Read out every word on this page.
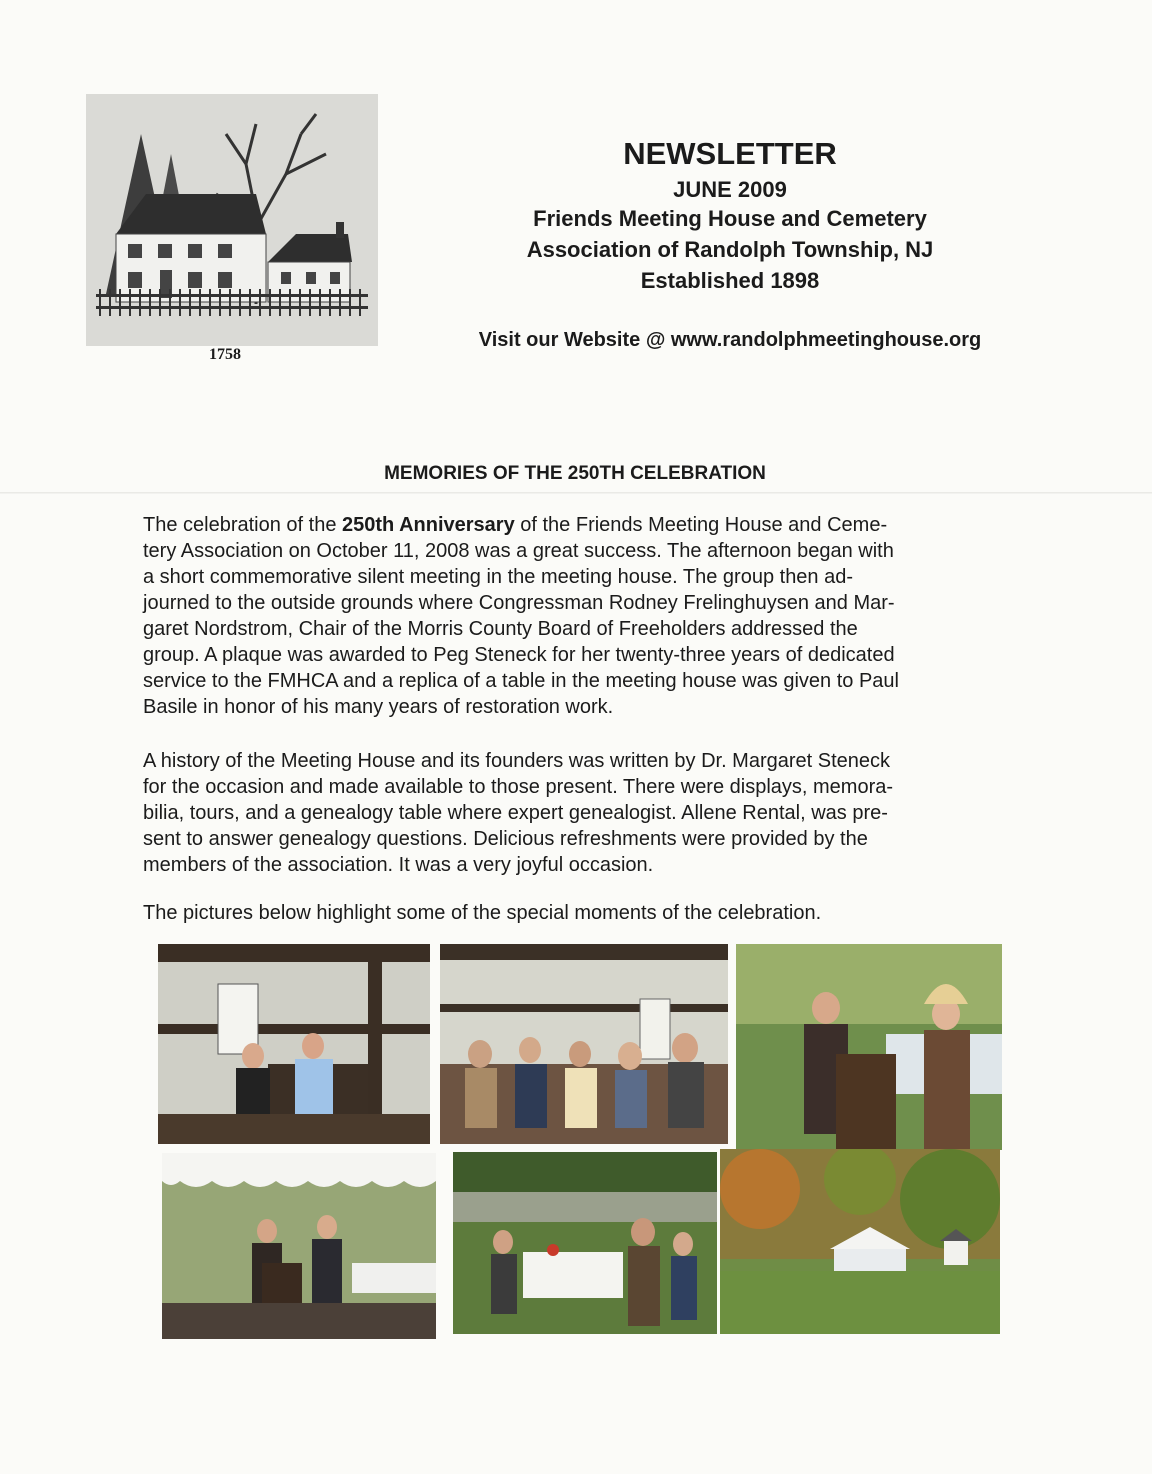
1758
NEWSLETTER
JUNE 2009
Friends Meeting House and Cemetery
Association of Randolph Township, NJ
Established 1898
Visit our Website @ www.randolphmeetinghouse.org
MEMORIES OF THE 250TH CELEBRATION

The celebration of the 250th Anniversary of the Friends Meeting House and Ceme-
tery Association on October 11, 2008 was a great success. The afternoon began with
a short commemorative silent meeting in the meeting house. The group then ad-
journed to the outside grounds where Congressman Rodney Frelinghuysen and Mar-
garet Nordstrom, Chair of the Morris County Board of Freeholders addressed the
group. A plaque was awarded to Peg Steneck for her twenty-three years of dedicated
service to the FMHCA and a replica of a table in the meeting house was given to Paul
Basile in honor of his many years of restoration work.

A history of the Meeting House and its founders was written by Dr. Margaret Steneck
for the occasion and made available to those present. There were displays, memora-
bilia, tours, and a genealogy table where expert genealogist. Allene Rental, was pre-
sent to answer genealogy questions. Delicious refreshments were provided by the
members of the association. It was a very joyful occasion.

The pictures below highlight some of the special moments of the celebration.
